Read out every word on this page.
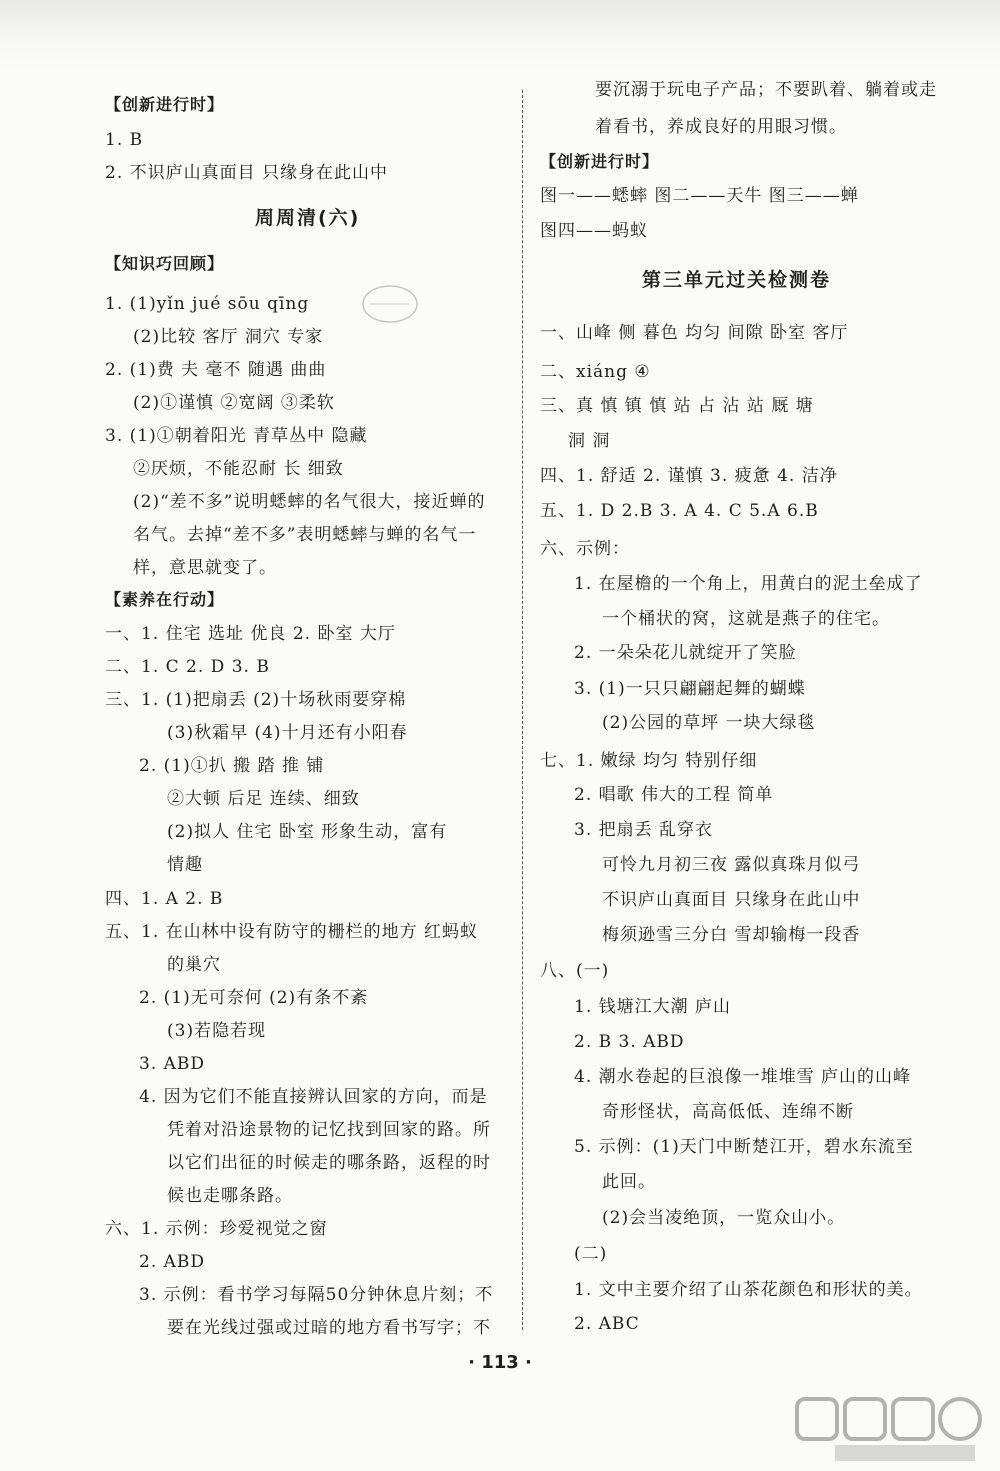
【创新进行时】
1. B
2. 不识庐山真面目 只缘身在此山中
周周清(六)
【知识巧回顾】
1. (1)yǐn jué sōu qīng
(2)比较 客厅 洞穴 专家
2. (1)费 夫 毫不 随遇 曲曲
(2)①谨慎 ②宽阔 ③柔软
3. (1)①朝着阳光 青草丛中 隐藏
②厌烦，不能忍耐 长 细致
(2)“差不多”说明蟋蟀的名气很大，接近蝉的
名气。去掉“差不多”表明蟋蟀与蝉的名气一
样，意思就变了。
【素养在行动】
一、1. 住宅 选址 优良 2. 卧室 大厅
二、1. C 2. D 3. B
三、1. (1)把扇丢 (2)十场秋雨要穿棉
(3)秋霜早 (4)十月还有小阳春
2. (1)①扒 搬 踏 推 铺
②大顿 后足 连续、细致
(2)拟人 住宅 卧室 形象生动，富有
情趣
四、1. A 2. B
五、1. 在山林中设有防守的栅栏的地方 红蚂蚁
的巢穴
2. (1)无可奈何 (2)有条不紊
(3)若隐若现
3. ABD
4. 因为它们不能直接辨认回家的方向，而是
凭着对沿途景物的记忆找到回家的路。所
以它们出征的时候走的哪条路，返程的时
候也走哪条路。
六、1. 示例：珍爱视觉之窗
2. ABD
3. 示例：看书学习每隔50分钟休息片刻；不
要在光线过强或过暗的地方看书写字；不
要沉溺于玩电子产品；不要趴着、躺着或走
着看书，养成良好的用眼习惯。
【创新进行时】
图一——蟋蟀 图二——天牛 图三——蝉
图四——蚂蚁
第三单元过关检测卷
一、山峰 侧 暮色 均匀 间隙 卧室 客厅
二、xiáng ④
三、真 慎 镇 慎 站 占 沾 站 厩 塘
洞 洞
四、1. 舒适 2. 谨慎 3. 疲惫 4. 洁净
五、1. D 2.B 3. A 4. C 5.A 6.B
六、示例：
1. 在屋檐的一个角上，用黄白的泥土垒成了
一个桶状的窝，这就是燕子的住宅。
2. 一朵朵花儿就绽开了笑脸
3. (1)一只只翩翩起舞的蝴蝶
(2)公园的草坪 一块大绿毯
七、1. 嫩绿 均匀 特别仔细
2. 唱歌 伟大的工程 简单
3. 把扇丢 乱穿衣
可怜九月初三夜 露似真珠月似弓
不识庐山真面目 只缘身在此山中
梅须逊雪三分白 雪却输梅一段香
八、(一)
1. 钱塘江大潮 庐山
2. B 3. ABD
4. 潮水卷起的巨浪像一堆堆雪 庐山的山峰
奇形怪状，高高低低、连绵不断
5. 示例：(1)天门中断楚江开，碧水东流至
此回。
(2)会当凌绝顶，一览众山小。
(二)
1. 文中主要介绍了山茶花颜色和形状的美。
2. ABC
· 113 ·
